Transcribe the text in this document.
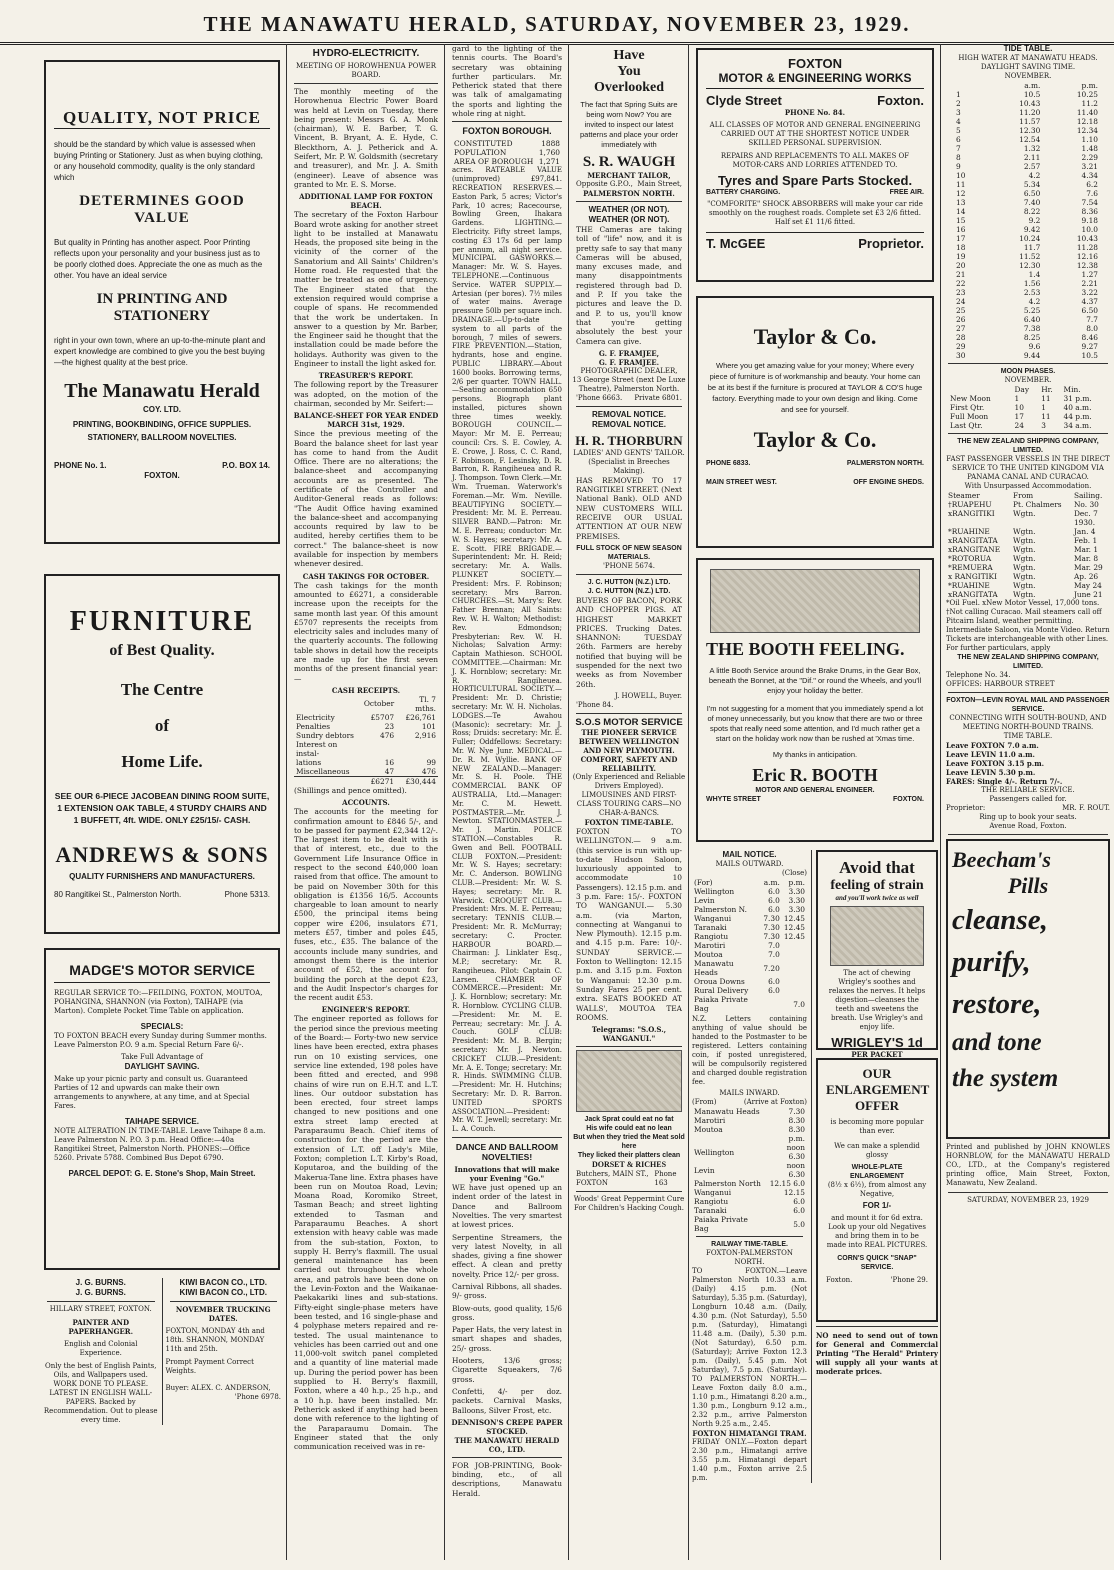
THE MANAWATU HERALD, SATURDAY, NOVEMBER 23, 1929.
QUALITY, NOT PRICE
should be the standard by which value is assessed when buying Printing or Stationery. Just as when buying clothing, or any household commodity, quality is the only standard which
DETERMINES GOOD VALUE
But quality in Printing has another aspect. Poor Printing reflects upon your personality and your business just as to be poorly clothed does. Appreciate the one as much as the other. You have an ideal service
IN PRINTING AND STATIONERY
right in your own town, where an up-to-the-minute plant and expert knowledge are combined to give you the best buying—the highest quality at the best price.
The Manawatu Herald
COY. LTD.
PRINTING, BOOKBINDING, OFFICE SUPPLIES.
STATIONERY, BALLROOM NOVELTIES.
PHONE No. 1.	P.O. BOX 14.
FOXTON.
FURNITURE
of Best Quality.
The Centre
of
Home Life.
SEE OUR 6-PIECE JACOBEAN DINING ROOM SUITE, 1 EXTENSION OAK TABLE, 4 STURDY CHAIRS AND 1 BUFFETT, 4ft. WIDE. ONLY £25/15/- CASH.
ANDREWS & SONS
QUALITY FURNISHERS AND MANUFACTURERS.
80 Rangitikei St., Palmerston North.	Phone 5313.
MADGE'S MOTOR SERVICE
REGULAR SERVICE TO:—FEILDING, FOXTON, MOUTOA, POHANGINA, SHANNON (via Foxton), TAIHAPE (via Marton). Complete Pocket Time Table on application.
SPECIALS:
TO FOXTON BEACH every Sunday during Summer months. Leave Palmerston P.O. 9 a.m. Special Return Fare 6/-.
Take Full Advantage of
DAYLIGHT SAVING.
Make up your picnic party and consult us. Guaranteed Parties of 12 and upwards can make their own arrangements to anywhere, at any time, and at Special Fares.
TAIHAPE SERVICE.
NOTE ALTERATION IN TIME-TABLE. Leave Taihape 8 a.m. Leave Palmerston N. P.O. 3 p.m. Head Office:—40a Rangitikei Street, Palmerston North. PHONES:—Office 5260. Private 5788. Combined Bus Depot 6790.
PARCEL DEPOT: G. E. Stone's Shop, Main Street.
J. G. BURNS.
J. G. BURNS.
HILLARY STREET, FOXTON.
PAINTER AND PAPERHANGER.
English and Colonial Experience.
Only the best of English Paints, Oils, and Wallpapers used. WORK DONE TO PLEASE. LATEST IN ENGLISH WALL-PAPERS. Backed by Recommendation. Out to please every time.
KIWI BACON CO., LTD.
KIWI BACON CO., LTD.
NOVEMBER TRUCKING DATES.
FOXTON, MONDAY 4th and 18th. SHANNON, MONDAY 11th and 25th.
Prompt Payment Correct Weights.
Buyer: ALEX. C. ANDERSON,
'Phone 6978.
HYDRO-ELECTRICITY.
MEETING OF HOROWHENUA POWER BOARD.

The monthly meeting of the Horowhenua Electric Power Board was held at Levin on Tuesday, there being present: Messrs G. A. Monk (chairman), W. E. Barber, T. G. Vincent, B. Bryant, A. E. Hyde, C. Bleckthorn, A. J. Petherick and A. Seifert, Mr. P. W. Goldsmith (secretary and treasurer), and Mr. J. A. Smith (engineer). Leave of absence was granted to Mr. E. S. Morse.

ADDITIONAL LAMP FOR FOXTON BEACH.

The secretary of the Foxton Harbour Board wrote asking for another street light to be installed at Manawatu Heads, the proposed site being in the vicinity of the corner of the Sanatorium and All Saints' Children's Home road. He requested that the matter be treated as one of urgency. The Engineer stated that the extension required would comprise a couple of spans. He recommended that the work be undertaken. In answer to a question by Mr. Barber, the Engineer said he thought that the installation could be made before the holidays. Authority was given to the Engineer to install the light asked for.

TREASURER'S REPORT.

The following report by the Treasurer was adopted, on the motion of the chairman, seconded by Mr. Seifert:—

BALANCE-SHEET FOR YEAR ENDED MARCH 31st, 1929.

Since the previous meeting of the Board the balance sheet for last year has come to hand from the Audit Office. There are no alterations; the balance-sheet and accompanying accounts are as presented. The certificate of the Controller and Auditor-General reads as follows: "The Audit Office having examined the balance-sheet and accompanying accounts required by law to be audited, hereby certifies them to be correct." The balance-sheet is now available for inspection by members whenever desired.

CASH TAKINGS FOR OCTOBER.

The cash takings for the month amounted to £6271, a considerable increase upon the receipts for the same month last year. Of this amount £5707 represents the receipts from electricity sales and includes many of the quarterly accounts. The following table shows in detail how the receipts are made up for the first seven months of the present financial year:—

CASH RECEIPTS.
	October	Tl. 7 mths.
Electricity	£5707	£26,761
Penalties	23	101
Sundry debtors	476	2,916
Interest on instal-		
lations	16	99
Miscellaneous	47	476
	£6271	£30,444

(Shillings and pence omitted).

ACCOUNTS.

The accounts for the meeting for confirmation amount to £846 5/-, and to be passed for payment £2,344 12/-. The largest item to be dealt with is that of interest, etc., due to the Government Life Insurance Office in respect to the second £40,000 loan raised from that office. The amount to be paid on November 30th for this obligation is £1356 16/5. Accounts chargeable to loan amount to nearly £500, the principal items being copper wire £206, insulators £71, meters £57, timber and poles £45, fuses, etc., £35. The balance of the accounts include many sundries, and amongst them there is the interior account of £52, the account for building the porch at the depot £23, and the Audit Inspector's charges for the recent audit £53.

ENGINEER'S REPORT.

The engineer reported as follows for the period since the previous meeting of the Board:— Forty-two new service lines have been erected, extra phases run on 10 existing services, one service line extended, 198 poles have been fitted and erected, and 998 chains of wire run on E.H.T. and L.T. lines. Our outdoor substation has been erected, four street lamps changed to new positions and one extra street lamp erected at Paraparaumu Beach. Chief items of construction for the period are the extension of L.T. off Lady's Mile, Foxton; completion L.T. Kirby's Road, Koputaroa, and the building of the Makerua-Tane line. Extra phases have been run on Moutoa Road, Levin; Moana Road, Koromiko Street, Tasman Beach; and street lighting extended to Tasman and Paraparaumu Beaches. A short extension with heavy cable was made from the sub-station, Foxton, to supply H. Berry's flaxmill. The usual general maintenance has been carried out throughout the whole area, and patrols have been done on the Levin-Foxton and the Waikanae-Paekakariki lines and sub-stations. Fifty-eight single-phase meters have been tested, and 16 single-phase and 4 polyphase meters repaired and re-tested. The usual maintenance to vehicles has been carried out and one 11,000-volt switch panel completed and a quantity of line material made up. During the period power has been supplied to H. Berry's flaxmill, Foxton, where a 40 h.p., 25 h.p., and a 10 h.p. have been installed. Mr. Petherick asked if anything had been done with reference to the lighting of the Paraparaumu Domain. The Engineer stated that the only communication received was in re-

gard to the lighting of the tennis courts. The Board's secretary was obtaining further particulars. Mr. Petherick stated that there was talk of amalgamating the sports and lighting the whole ring at night.

FOXTON BOROUGH.
CONSTITUTED	1888
POPULATION	1,760
AREA OF BOROUGH	1,271

acres. RATEABLE VALUE (unimproved) £97,841. RECREATION RESERVES.—Easton Park, 5 acres; Victor's Park, 10 acres; Racecourse, Bowling Green, Ihakara Gardens. LIGHTING.—Electricity. Fifty street lamps, costing £3 17s 6d per lamp per annum, all night service. MUNICIPAL GASWORKS.—Manager: Mr. W. S. Hayes. TELEPHONE.—Continuous Service. WATER SUPPLY.—Artesian (per bores). 7½ miles of water mains. Average pressure 50lb per square inch. DRAINAGE.—Up-to-date system to all parts of the borough, 7 miles of sewers. FIRE PREVENTION.—Station, hydrants, hose and engine. PUBLIC LIBRARY.—About 1600 books. Borrowing terms, 2/6 per quarter. TOWN HALL.—Seating accommodation 650 persons. Biograph plant installed, pictures shown three times weekly. BOROUGH COUNCIL.—Mayor: Mr M. E. Perreau; council: Crs. S. E. Cowley, A. E. Crowe, J. Ross, C. C. Rand, F. Robinson, F. Lesinsky, D. R. Barron, R. Rangiheuea and R. J. Thompson. Town Clerk.—Mr. Wm. Trueman. Waterwork's Foreman.—Mr. Wm. Neville. BEAUTIFYING SOCIETY.—President: Mr. M. E. Perreau. SILVER BAND.—Patron: Mr. M. E. Perreau; conductor: Mr. W. S. Hayes; secretary: Mr. A. E. Scott. FIRE BRIGADE.—Superintendent: Mr. H. Reid; secretary: Mr. A. Walls. PLUNKET SOCIETY.—President: Mrs. F. Robinson; secretary: Mrs Barron. CHURCHES.—St. Mary's: Rev. Father Brennan; All Saints: Rev. W. H. Walton; Methodist: Rev. Edmondson; Presbyterian: Rev. W. H. Nicholas; Salvation Army: Captain Mathieson. SCHOOL COMMITTEE.—Chairman: Mr. J. K. Hornblow; secretary: Mr. R. Rangiheuea. HORTICULTURAL SOCIETY.—President: Mr. D. Christie; secretary: Mr. W. H. Nicholas. LODGES.—Te Awahou (Masonic): secretary: Mr. J. Ross; Druids: secretary: Mr. E. Fuller; Oddfellows: Secretary: Mr. W. Nye Junr. MEDICAL.—Dr. R. M. Wyllie. BANK OF NEW ZEALAND.—Manager: Mr. S. H. Poole. THE COMMERCIAL BANK OF AUSTRALIA, Ltd.—Manager: Mr. C. M. Hewett. POSTMASTER.—Mr. J. Newton. STATIONMASTER.—Mr. J. Martin. POLICE STATION.—Constables R. Gwen and Bell. FOOTBALL CLUB FOXTON.—President: Mr. W. S. Hayes; secretary: Mr. C. Anderson. BOWLING CLUB.—President: Mr. W. S. Hayes; secretary: Mr. R. Warwick. CROQUET CLUB.—President: Mrs. M. E. Perreau; secretary: TENNIS CLUB.—President: Mr. R. McMurray; secretary: C. Procter. HARBOUR BOARD.—Chairman: J. Linklater Esq., M.P.; secretary: Mr. R. Rangiheuea. Pilot: Captain C. Larsen. CHAMBER OF COMMERCE.—President: Mr. J. K. Hornblow; secretary: Mr. R. Hornblow. CYCLING CLUB.—President: Mr. M. E. Perreau; secretary: Mr. J. A. Couch. GOLF CLUB: President: Mr. M. B. Bergin; secretary: Mr. J. Newton. CRICKET CLUB.—President: Mr. A. E. Tonge; secretary: Mr. R. Hinds. SWIMMING CLUB.—President: Mr. H. Hutchins; Secretary: Mr. D. R. Barron. UNITED SPORTS ASSOCIATION.—President: Mr. W. T. Jewell; secretary: Mr. L. A. Couch.

DANCE AND BALLROOM NOVELTIES!
Innovations that will make your Evening "Go."

WE have just opened up an indent order of the latest in Dance and Ballroom Novelties. The very smartest at lowest prices.

Serpentine Streamers, the very latest Novelty, in all shades, giving a fine shower effect. A clean and pretty novelty. Price 12/- per gross.

Carnival Ribbons, all shades. 9/- gross.

Blow-outs, good quality, 15/6 gross.

Paper Hats, the very latest in smart shapes and shades, 25/- gross.

Hooters, 13/6 gross; Cigarette Squeakers, 7/6 gross.

Confetti, 4/- per doz. packets. Carnival Masks, Balloons, Silver Frost, etc.

DENNISON'S CREPE PAPER STOCKED.
THE MANAWATU HERALD CO., LTD.

FOR JOB-PRINTING, Book-binding, etc., of all descriptions, Manawatu Herald.

Have
You
Overlooked
The fact that Spring Suits are being worn Now? You are invited to inspect our latest patterns and place your order immediately with
S. R. WAUGH
MERCHANT TAILOR,
Opposite G.P.O., Main Street,
PALMERSTON NORTH.
WEATHER (OR NOT).
WEATHER (OR NOT).

THE Cameras are taking toll of "life" now, and it is pretty safe to say that many Cameras will be abused, many excuses made, and many disappointments registered through bad D. and P. If you take the pictures and leave the D. and P. to us, you'll know that you're getting absolutely the best your Camera can give.

G. F. FRAMJEE,
G. F. FRAMJEE.
PHOTOGRAPHIC DEALER,
13 George Street (next De Luxe Theatre), Palmerston North.
'Phone 6663. Private 6801.
REMOVAL NOTICE.
REMOVAL NOTICE.
H. R. THORBURN
LADIES' AND GENTS' TAILOR.
(Specialist in Breeches Making).

HAS REMOVED TO 17 RANGITIKEI STREET. (Next National Bank). OLD AND NEW CUSTOMERS WILL RECEIVE OUR USUAL ATTENTION AT OUR NEW PREMISES.

FULL STOCK OF NEW SEASON MATERIALS.
'PHONE 5674.
J. C. HUTTON (N.Z.) LTD.
J. C. HUTTON (N.Z.) LTD.

BUYERS OF BACON, PORK AND CHOPPER PIGS. AT HIGHEST MARKET PRICES. Trucking Dates. SHANNON: TUESDAY 26th. Farmers are hereby notified that buying will be suspended for the next two weeks as from November 26th.

J. HOWELL, Buyer.
'Phone 84.
S.O.S MOTOR SERVICE
THE PIONEER SERVICE BETWEEN WELLINGTON AND NEW PLYMOUTH.
COMFORT, SAFETY AND RELIABILITY.
(Only Experienced and Reliable Drivers Employed). LIMOUSINES AND FIRST-CLASS TOURING CARS—NO CHAR-A-BANCS.
FOXTON TIME-TABLE.

FOXTON TO WELLINGTON.— 9 a.m. (this service is run with up-to-date Hudson Saloon, luxuriously appointed to accommodate 10 Passengers). 12.15 p.m. and 3 p.m. Fare: 15/-. FOXTON TO WANGANUI.— 5.30 a.m. (via Marton, connecting at Wanganui to New Plymouth). 12.15 p.m. and 4.15 p.m. Fare: 10/-. SUNDAY SERVICE.— Foxton to Wellington: 12.15 p.m. and 3.15 p.m. Foxton to Wanganui: 12.30 p.m. Sunday Fares 25 per cent. extra. SEATS BOOKED AT WALLS', MOUTOA TEA ROOMS.

Telegrams: "S.O.S., WANGANUI."
Jack Sprat could eat no fat
His wife could eat no lean
But when they tried the Meat sold here
They licked their platters clean
DORSET & RICHES
Butchers, MAIN ST., FOXTON
Phone 163
Woods' Great Peppermint Cure For Children's Hacking Cough.
FOXTON
MOTOR & ENGINEERING WORKS
Clyde Street	Foxton.
PHONE No. 84.
ALL CLASSES OF MOTOR AND GENERAL ENGINEERING CARRIED OUT AT THE SHORTEST NOTICE UNDER SKILLED PERSONAL SUPERVISION.
REPAIRS AND REPLACEMENTS TO ALL MAKES OF MOTOR-CARS AND LORRIES ATTENDED TO.
Tyres and Spare Parts Stocked.
BATTERY CHARGING.	FREE AIR.
"COMFORITE" SHOCK ABSORBERS will make your car ride smoothly on the roughest roads. Complete set £3 2/6 fitted. Half set £1 11/6 fitted.
T. McGEE	Proprietor.
Taylor & Co.
Where you get amazing value for your money; Where every piece of furniture is of workmanship and beauty. Your home can be at its best if the furniture is procured at TAYLOR & CO'S huge factory. Everything made to your own design and liking. Come and see for yourself.
Taylor & Co.
PHONE 6833.	PALMERSTON NORTH.
MAIN STREET WEST.	OFF ENGINE SHEDS.
THE BOOTH FEELING.
A little Booth Service around the Brake Drums, in the Gear Box, beneath the Bonnet, at the "Dif." or round the Wheels, and you'll enjoy your holiday the better.
I'm not suggesting for a moment that you immediately spend a lot of money unnecessarily, but you know that there are two or three spots that really need some attention, and I'd much rather get a start on the holiday work now than be rushed at 'Xmas time.
My thanks in anticipation.
Eric R. BOOTH
MOTOR AND GENERAL ENGINEER.
WHYTE STREET	FOXTON.
MAIL NOTICE.
MAILS OUTWARD.
(Close)
(For)	a.m.	p.m.
Wellington	6.0	3.30
Levin	6.0	3.30
Palmerston N.	6.0	3.30
Wanganui	7.30	12.45
Taranaki	7.30	12.45
Rangiotu	7.30	12.45
Marotiri	7.0	
Moutoa	7.0	
Manawatu Heads	7.20	
Oroua Downs	6.0	
Rural Delivery	6.0	
Paiaka Private Bag		7.0
N.Z. Letters containing anything of value should be handed to the Postmaster to be registered. Letters containing coin, if posted unregistered, will be compulsorily registered and charged double registration fee.
MAILS INWARD.
(From)	(Arrive at Foxton)
Manawatu Heads	7.30
Marotiri	8.30
Moutoa	8.30
	p.m.
Wellington	noon 6.30
Levin	noon 6.30
Palmerston North	12.15 6.0
Wanganui	12.15
Rangiotu	6.0
Taranaki	6.0
Paiaka Private Bag	5.0
RAILWAY TIME-TABLE.
FOXTON-PALMERSTON NORTH.
TO FOXTON.—Leave Palmerston North 10.33 a.m. (Daily) 4.15 p.m. (Not Saturday), 5.35 p.m. (Saturday), Longburn 10.48 a.m. (Daily, 4.30 p.m. (Not Saturday), 5.50 p.m. (Saturday), Himatangi 11.48 a.m. (Daily), 5.30 p.m. (Not Saturday), 6.50 p.m. (Saturday); Arrive Foxton 12.3 p.m. (Daily), 5.45 p.m. Not Saturday), 7.5 p.m. (Saturday). TO PALMERSTON NORTH.— Leave Foxton daily 8.0 a.m., 1.10 p.m., Himatangi 8.20 a.m., 1.30 p.m., Longburn 9.12 a.m., 2.32 p.m., arrive Palmerston North 9.25 a.m., 2.45.
FOXTON HIMATANGI TRAM.
FRIDAY ONLY.—Foxton depart 2.30 p.m., Himatangi arrive 3.55 p.m. Himatangi depart 1.40 p.m., Foxton arrive 2.5 p.m.
Avoid that
feeling of strain
and you'll work twice as well
The act of chewing Wrigley's soothes and relaxes the nerves. It helps digestion—cleanses the teeth and sweetens the breath. Use Wrigley's and enjoy life.
WRIGLEY'S 1d
PER PACKET
OUR
ENLARGEMENT
OFFER
is becoming more popular than ever.
We can make a splendid glossy
WHOLE-PLATE ENLARGEMENT
(8½ x 6½), from almost any Negative,
FOR 1/-
and mount it for 6d extra. Look up your old Negatives and bring them in to be made into REAL PICTURES.
CORN'S QUICK "SNAP" SERVICE.
Foxton.	'Phone 29.
NO need to send out of town for General and Commercial Printing "The Herald" Printery will supply all your wants at moderate prices.
TIDE TABLE.
HIGH WATER AT MANAWATU HEADS.
DAYLIGHT SAVING TIME.
NOVEMBER.
	a.m.	p.m.
1	10.5	10.25
2	10.43	11.2
3	11.20	11.40
4	11.57	12.18
5	12.30	12.34
6	12.54	1.10
7	1.32	1.48
8	2.11	2.29
9	2.57	3.21
10	4.2	4.34
11	5.34	6.2
12	6.50	7.6
13	7.40	7.54
14	8.22	8.36
15	9.2	9.18
16	9.42	10.0
17	10.24	10.43
18	11.7	11.28
19	11.52	12.16
20	12.30	12.38
21	1.4	1.27
22	1.56	2.21
23	2.53	3.22
24	4.2	4.37
25	5.25	6.50
26	6.40	7.7
27	7.38	8.0
28	8.25	8.46
29	9.6	9.27
30	9.44	10.5
MOON PHASES.
NOVEMBER.
	Day	Hr.	Min.
New Moon	1	11	31 p.m.
First Qtr.	10	1	40 a.m.
Full Moon	17	11	44 p.m.
Last Qtr.	24	3	34 a.m.
THE NEW ZEALAND SHIPPING COMPANY, LIMITED.
FAST PASSENGER VESSELS IN THE DIRECT SERVICE TO THE UNITED KINGDOM VIA PANAMA CANAL AND CURACAO.
With Unsurpassed Accommodation.
Steamer	From	Sailing.
†RUAPEHU	Pt. Chalmers	No. 30
xRANGITIKI	Wgtn.	Dec. 7
		1930.
*RUAHINE	Wgtn.	Jan. 4
xRANGITATA	Wgtn.	Feb. 1
xRANGITANE	Wgtn.	Mar. 1
*ROTORUA	Wgtn.	Mar. 8
*REMUERA	Wgtn.	Mar. 29
x RANGITIKI	Wgtn.	Ap. 26
*RUAHINE	Wgtn.	May 24
xRANGITATA	Wgtn.	June 21
*Oil Fuel. xNew Motor Vessel, 17,000 tons. †Not calling Curacao. Mail steamers call off Pitcairn Island, weather permitting. Intermediate Saloon, via Monte Video. Return Tickets are interchangeable with other Lines. For further particulars, apply
THE NEW ZEALAND SHIPPING COMPANY, LIMITED.
Telephone No. 34.
OFFICES: HARBOUR STREET
FOXTON—LEVIN ROYAL MAIL AND PASSENGER SERVICE.
CONNECTING WITH SOUTH-BOUND, AND MEETING NORTH-BOUND TRAINS.
TIME TABLE.
Leave FOXTON 7.0 a.m.
Leave LEVIN 11.0 a.m.
Leave FOXTON 3.15 p.m.
Leave LEVIN 5.30 p.m.
FARES: Single 4/-. Return 7/-.
THE RELIABLE SERVICE.
Passengers called for.
Proprietor:	MR. F. ROUT.
Ring up to book your seats.
Avenue Road, Foxton.
Beecham's
Pills
cleanse,
purify,
restore,
and tone
the system
Printed and published by JOHN KNOWLES HORNBLOW, for the MANAWATU HERALD CO., LTD., at the Company's registered printing office, Main Street, Foxton, Manawatu, New Zealand.
SATURDAY, NOVEMBER 23, 1929
